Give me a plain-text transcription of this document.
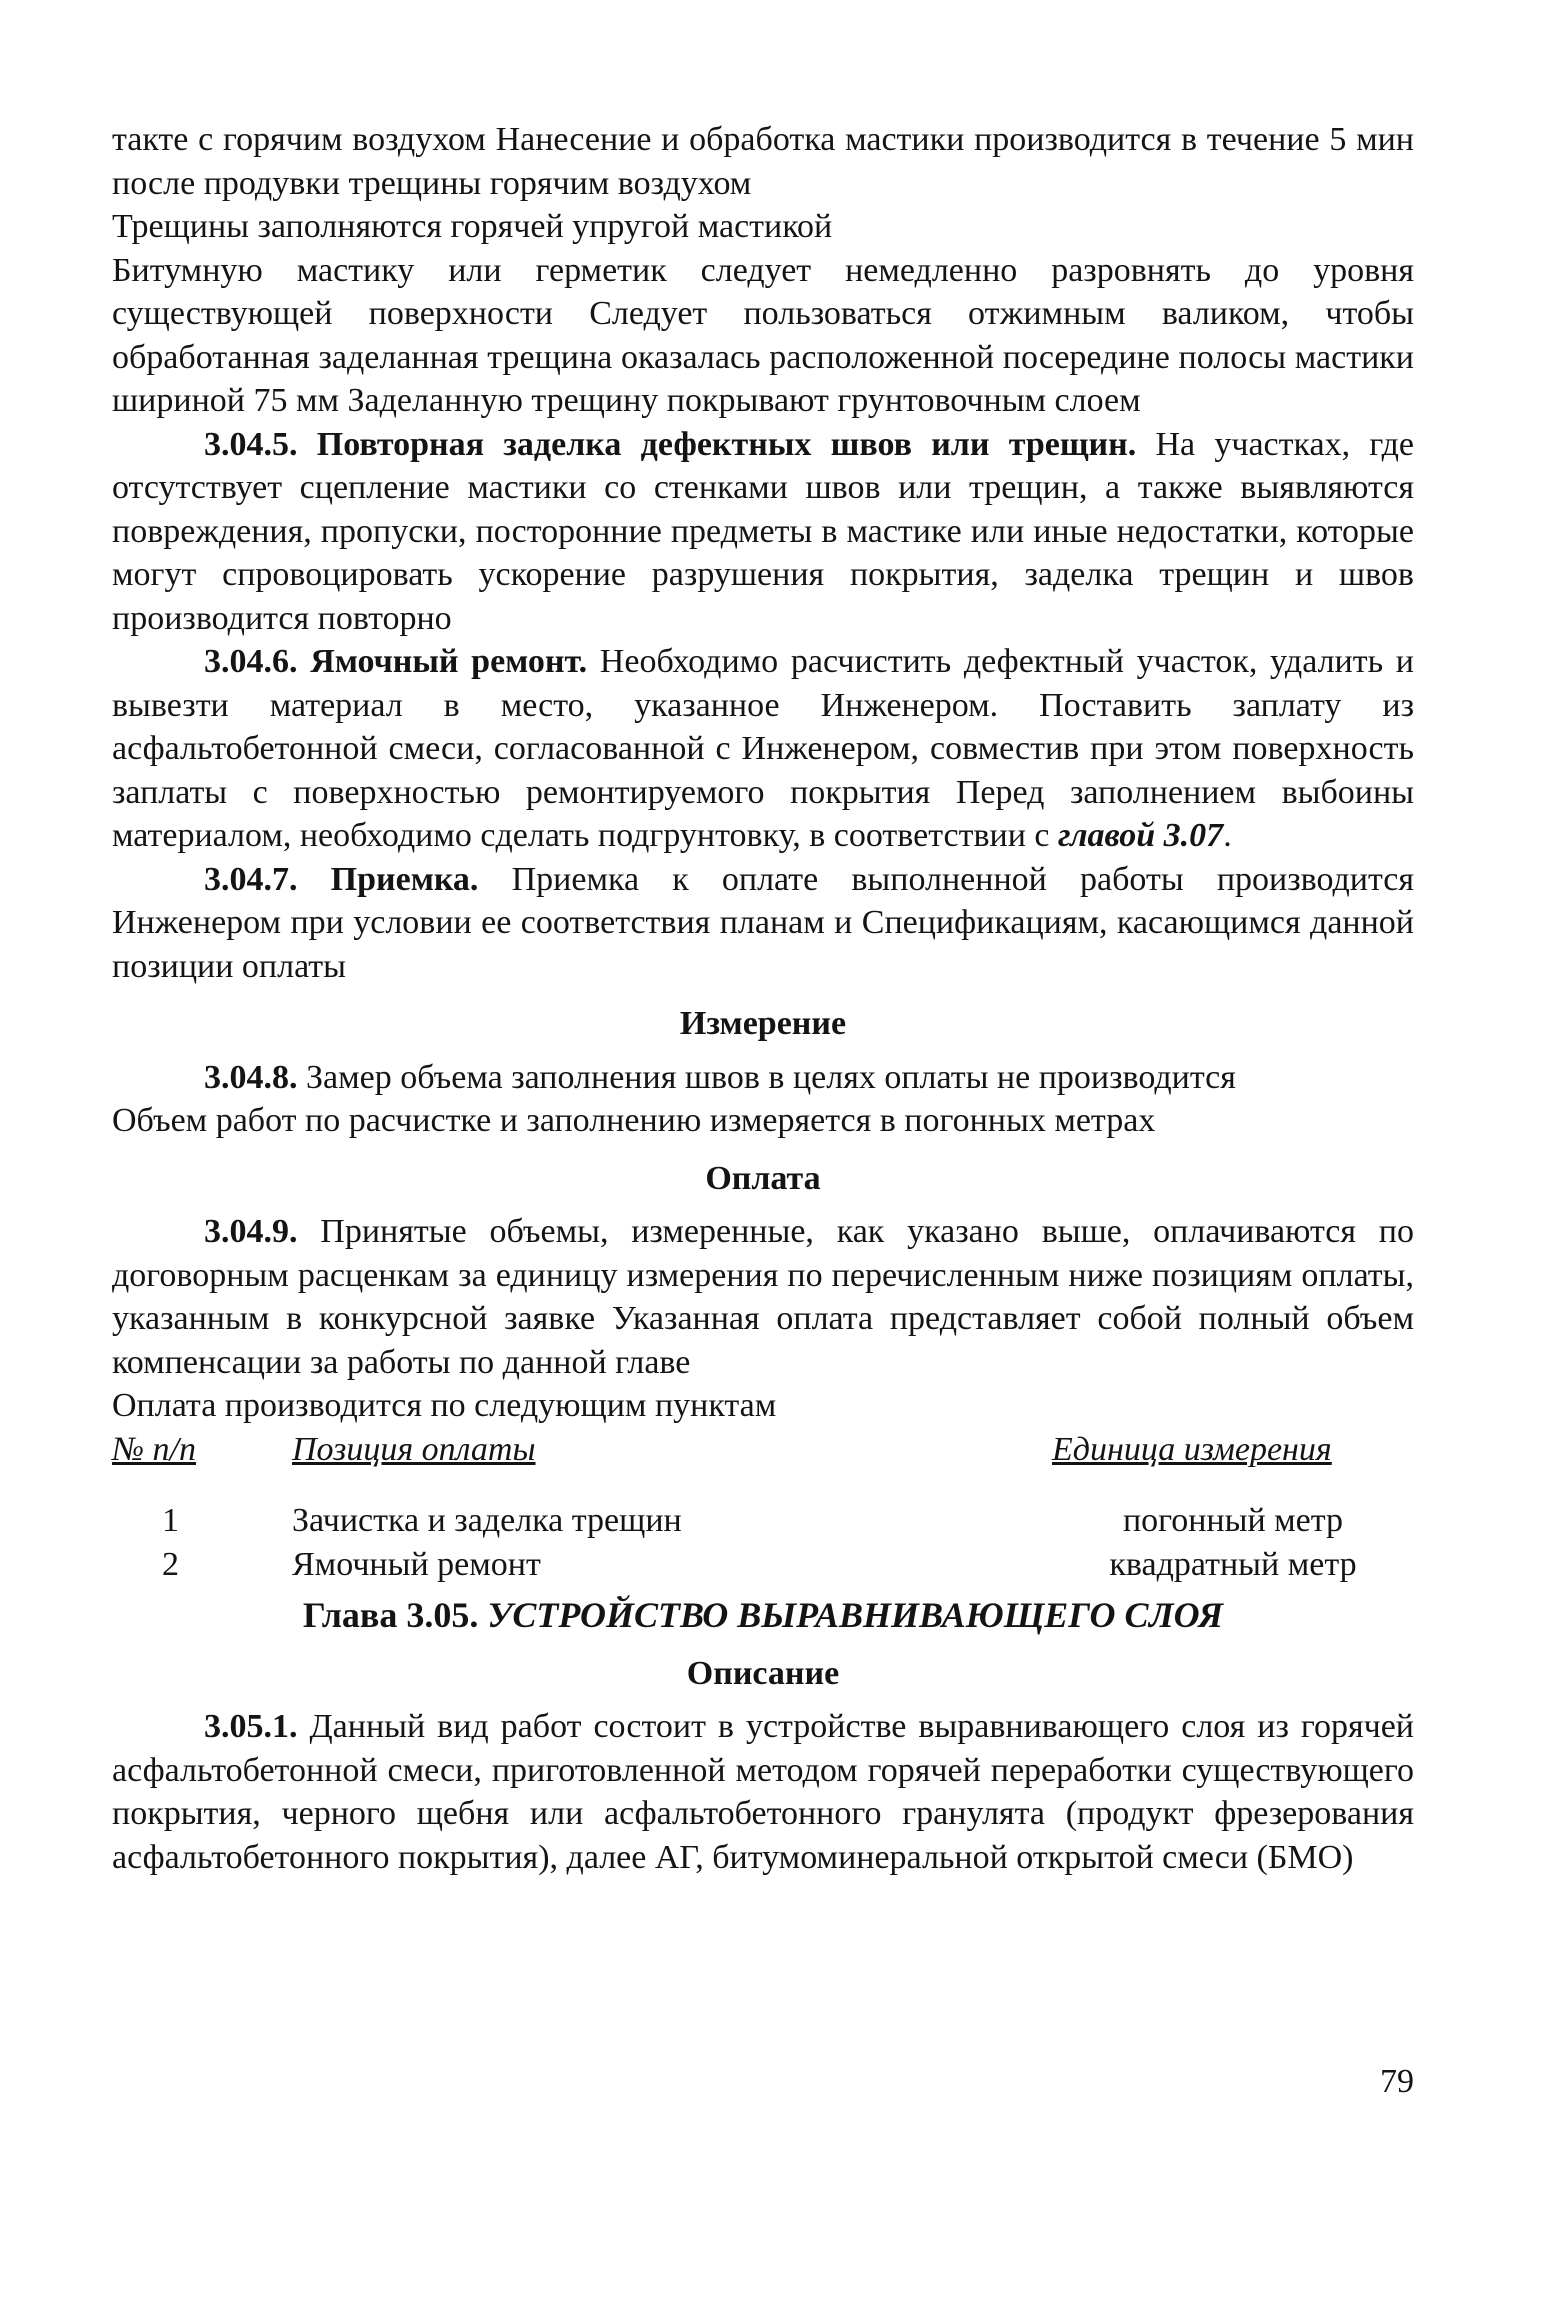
такте с горячим воздухом Нанесение и обработка мастики производится в течение 5 мин после продувки трещины горячим воздухом

Трещины заполняются горячей упругой мастикой

Битумную мастику или герметик следует немедленно разровнять до уровня существующей поверхности Следует пользоваться отжимным валиком, чтобы обработанная заделанная трещина оказалась расположенной посередине полосы мастики шириной 75 мм Заделанную трещину покрывают грунтовочным слоем

3.04.5. Повторная заделка дефектных швов или трещин. На участках, где отсутствует сцепление мастики со стенками швов или трещин, а также выявляются повреждения, пропуски, посторонние предметы в мастике или иные недостатки, которые могут спровоцировать ускорение разрушения покрытия, заделка трещин и швов производится повторно

3.04.6. Ямочный ремонт. Необходимо расчистить дефектный участок, удалить и вывезти материал в место, указанное Инженером. Поставить заплату из асфальтобетонной смеси, согласованной с Инженером, совместив при этом поверхность заплаты с поверхностью ремонтируемого покрытия Перед заполнением выбоины материалом, необходимо сделать подгрунтовку, в соответствии с главой 3.07.

3.04.7. Приемка. Приемка к оплате выполненной работы производится Инженером при условии ее соответствия планам и Спецификациям, касающимся данной позиции оплаты

Измерение

3.04.8. Замер объема заполнения швов в целях оплаты не производится

Объем работ по расчистке и заполнению измеряется в погонных метрах

Оплата

3.04.9. Принятые объемы, измеренные, как указано выше, оплачиваются по договорным расценкам за единицу измерения по перечисленным ниже позициям оплаты, указанным в конкурсной заявке Указанная оплата представляет собой полный объем компенсации за работы по данной главе

Оплата производится по следующим пунктам

№ п/п	Позиция оплаты	Единица измерения
1	Зачистка и заделка трещин	погонный метр
2	Ямочный ремонт	квадратный метр

Глава 3.05. УСТРОЙСТВО ВЫРАВНИВАЮЩЕГО СЛОЯ

Описание

3.05.1. Данный вид работ состоит в устройстве выравнивающего слоя из горячей асфальтобетонной смеси, приготовленной методом горячей переработки существующего покрытия, черного щебня или асфальтобетонного гранулята (продукт фрезерования асфальтобетонного покрытия), далее АГ, битумоминеральной открытой смеси (БМО)

79
